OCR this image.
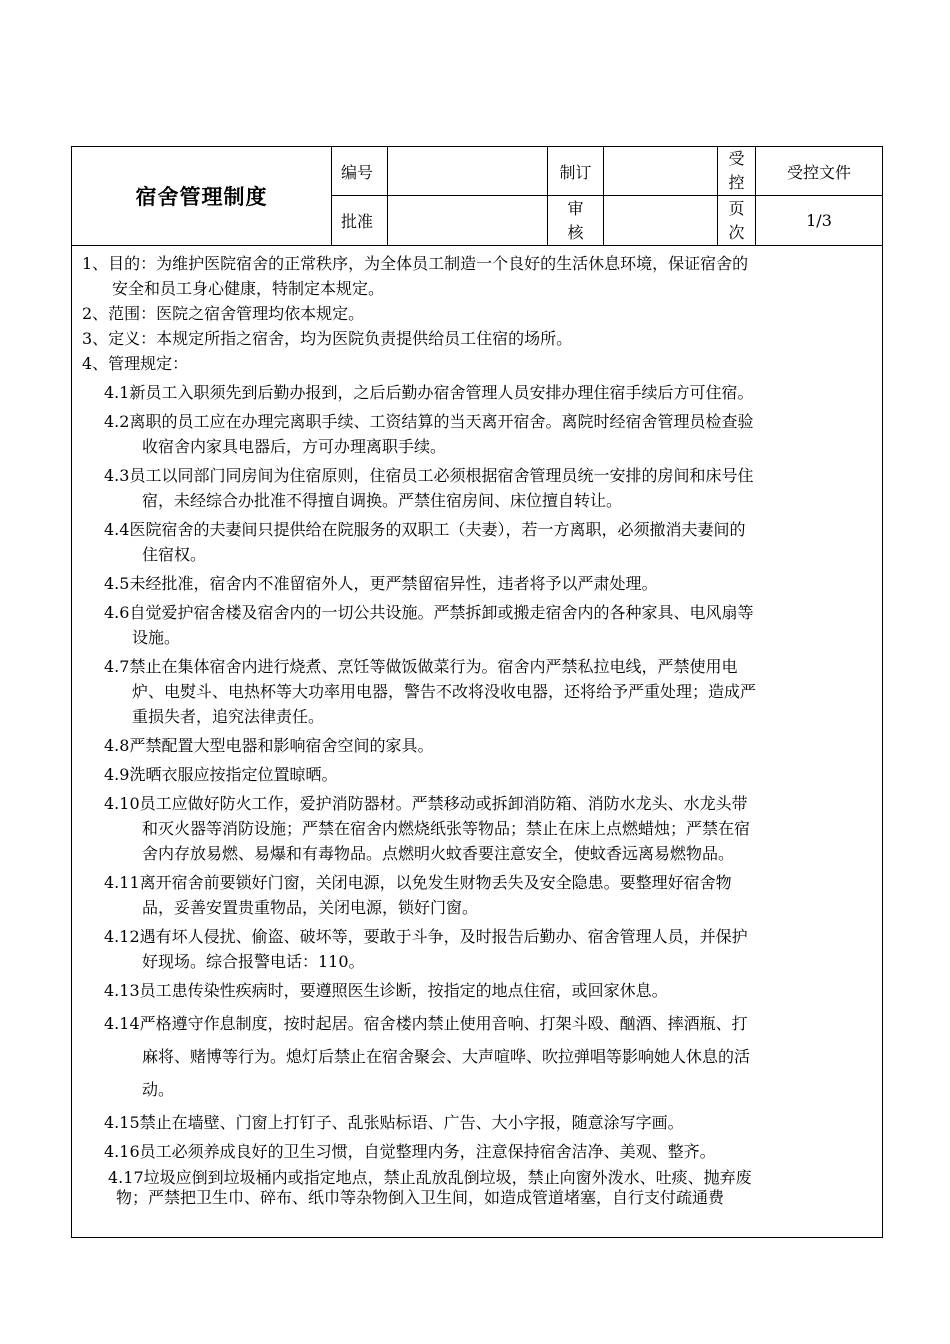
宿舍管理制度
编号	制订
受
控
受控文件
批准
审
核
页
次
1/3
1、目的：为维护医院宿舍的正常秩序，为全体员工制造一个良好的生活休息环境，保证宿舍的
安全和员工身心健康，特制定本规定。
2、范围：医院之宿舍管理均依本规定。
3、定义：本规定所指之宿舍，均为医院负责提供给员工住宿的场所。
4、管理规定：
4.1新员工入职须先到后勤办报到，之后后勤办宿舍管理人员安排办理住宿手续后方可住宿。
4.2离职的员工应在办理完离职手续、工资结算的当天离开宿舍。离院时经宿舍管理员检查验
收宿舍内家具电器后，方可办理离职手续。
4.3员工以同部门同房间为住宿原则，住宿员工必须根据宿舍管理员统一安排的房间和床号住
宿，未经综合办批准不得擅自调换。严禁住宿房间、床位擅自转让。
4.4医院宿舍的夫妻间只提供给在院服务的双职工（夫妻），若一方离职，必须撤消夫妻间的
住宿权。
4.5未经批准，宿舍内不准留宿外人，更严禁留宿异性，违者将予以严肃处理。
4.6自觉爱护宿舍楼及宿舍内的一切公共设施。严禁拆卸或搬走宿舍内的各种家具、电风扇等
设施。
4.7禁止在集体宿舍内进行烧煮、烹饪等做饭做菜行为。宿舍内严禁私拉电线，严禁使用电
炉、电熨斗、电热杯等大功率用电器，警告不改将没收电器，还将给予严重处理；造成严
重损失者，追究法律责任。
4.8严禁配置大型电器和影响宿舍空间的家具。
4.9洗晒衣服应按指定位置晾晒。
4.10员工应做好防火工作，爱护消防器材。严禁移动或拆卸消防箱、消防水龙头、水龙头带
和灭火器等消防设施；严禁在宿舍内燃烧纸张等物品；禁止在床上点燃蜡烛；严禁在宿
舍内存放易燃、易爆和有毒物品。点燃明火蚊香要注意安全，使蚊香远离易燃物品。
4.11离开宿舍前要锁好门窗，关闭电源，以免发生财物丢失及安全隐患。要整理好宿舍物
品，妥善安置贵重物品，关闭电源，锁好门窗。
4.12遇有坏人侵扰、偷盗、破坏等，要敢于斗争，及时报告后勤办、宿舍管理人员，并保护
好现场。综合报警电话：110。
4.13员工患传染性疾病时，要遵照医生诊断，按指定的地点住宿，或回家休息。
4.14严格遵守作息制度，按时起居。宿舍楼内禁止使用音响、打架斗殴、酗酒、摔酒瓶、打
麻将、赌博等行为。熄灯后禁止在宿舍聚会、大声喧哗、吹拉弹唱等影响她人休息的活
动。
4.15禁止在墙壁、门窗上打钉子、乱张贴标语、广告、大小字报，随意涂写字画。
4.16员工必须养成良好的卫生习惯，自觉整理内务，注意保持宿舍洁净、美观、整齐。
4.17垃圾应倒到垃圾桶内或指定地点，禁止乱放乱倒垃圾，禁止向窗外泼水、吐痰、抛弃废
物；严禁把卫生巾、碎布、纸巾等杂物倒入卫生间，如造成管道堵塞，自行支付疏通费
